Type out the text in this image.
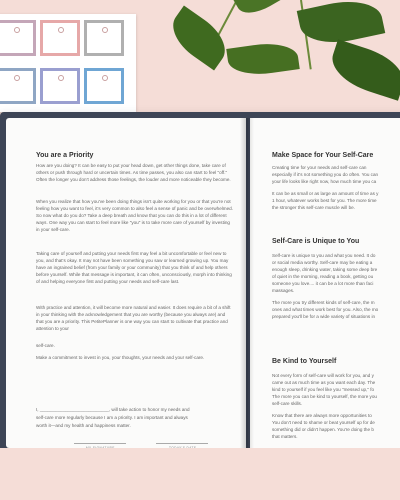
You are a Priority

How are you doing? It can be easy to put your head down, get other things done, take care of others or push through hard or uncertain times. As time passes, you also can start to feel "off." Often the longer you don't address those feelings, the louder and more noticeable they become.

When you realize that how you've been doing things isn't quite working for you or that you're not feeling how you want to feel, it's very common to also feel a sense of panic and be overwhelmed. So now what do you do? Take a deep breath and know that you can do this in a lot of different ways. One way you can start to feel more like "you" is to take more care of yourself by investing in your self-care.

Taking care of yourself and putting your needs first may feel a bit uncomfortable or feel new to you, and that's okay. It may not have been something you saw or learned growing up. You may have an ingrained belief (from your family or your community) that you think of and help others before yourself. While that message is important, it can often, unconsciously, morph into thinking of and helping everyone first and putting your needs and self-care last.

With practice and attention, it will become more natural and easier. It does require a bit of a shift in your thinking with the acknowledgement that you are worthy (because you always are) and that you are a priority. This PetitePlanner is one way you can start to cultivate that practice and attention to your

self-care.

Make a commitment to invest in you, your thoughts, your needs and your self-care.

I, ___________________________, will take action to honor my needs and

self-care more regularly because I am a priority. I am important and always

worth it—and my health and happiness matter.

MY SIGNATURE	TODAY'S DATE
Make Space for Your Self-Care

Creating time for your needs and self-care can

especially if it's not something you do often. You can

your life looks like right now, how much time you ca

It can be as small or as large an amount of time as y

1 hour, whatever works best for you. The more time

the stronger this self-care muscle will be.

Self-Care is Unique to You

Self-care is unique to you and what you need. It do

or social media worthy. Self-care may be eating a

enough sleep, drinking water, taking some deep bre

of quiet in the morning, reading a book, getting ou

someone you love.... it can be a lot more than faci

massages.

The more you try different kinds of self-care, the m

ones and what times work best for you. Also, the mo

prepared you'll be for a wide variety of situations in

Be Kind to Yourself

Not every form of self-care will work for you, and y

came out as much time as you want each day. The

kind to yourself if you feel like you "messed up," fo

The more you can be kind to yourself, the more you

self-care skills.

Know that there are always more opportunities to

You don't need to shame or beat yourself up for de

something did or didn't happen. You're doing the b

that matters.
